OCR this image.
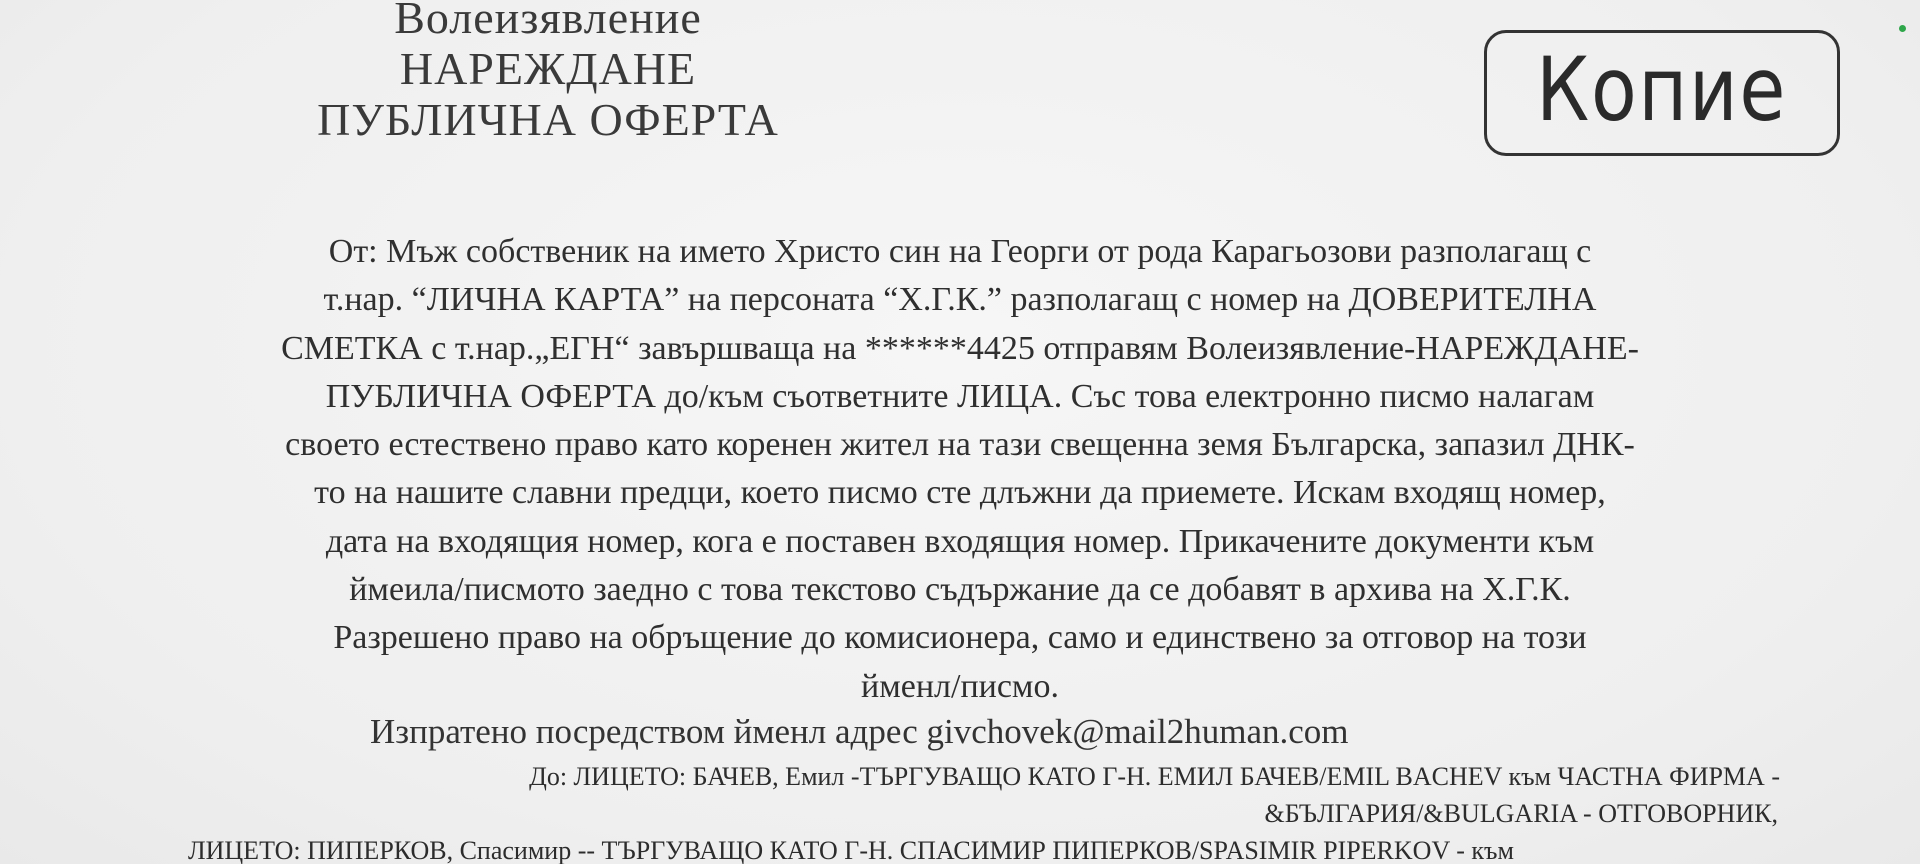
Волеизявление
НАРЕЖДАНЕ
ПУБЛИЧНА ОФЕРТА	Копие
От: Мъж собственик на името Христо син на Георги от рода Карагьозови разполагащ с
т.нар. “ЛИЧНА КАРТА” на персоната “Х.Г.К.” разполагащ с номер на ДОВЕРИТЕЛНА
СМЕТКА с т.нар.„ЕГН“ завършваща на ******4425 отправям Волеизявление-НАРЕЖДАНЕ-
ПУБЛИЧНА ОФЕРТА до/към съответните ЛИЦА. Със това електронно писмо налагам
своето естествено право като коренен жител на тази свещенна земя Българска, запазил ДНК-
то на нашите славни предци, което писмо сте длъжни да приемете. Искам входящ номер,
дата на входящия номер, кога е поставен входящия номер. Прикачените документи към
ймеила/писмото заедно с това текстово съдържание да се добавят в архива на Х.Г.К.
Разрешено право на обръщение до комисионера, само и единствено за отговор на този
йменл/писмо.
Изпратено посредством йменл адрес givchovek@mail2human.com
До: ЛИЦЕТО: БАЧЕВ, Емил -ТЪРГУВАЩО КАТО Г-Н. ЕМИЛ БАЧЕВ/EMIL BACHEV към ЧАСТНА ФИРМА -
&БЪЛГАРИЯ/&BULGARIA - ОТГОВОРНИК,
ЛИЦЕТО: ПИПЕРКОВ, Спасимир -- ТЪРГУВАЩО КАТО Г-Н. СПАСИМИР ПИПЕРКОВ/SPASIMIR PIPERKOV - към
